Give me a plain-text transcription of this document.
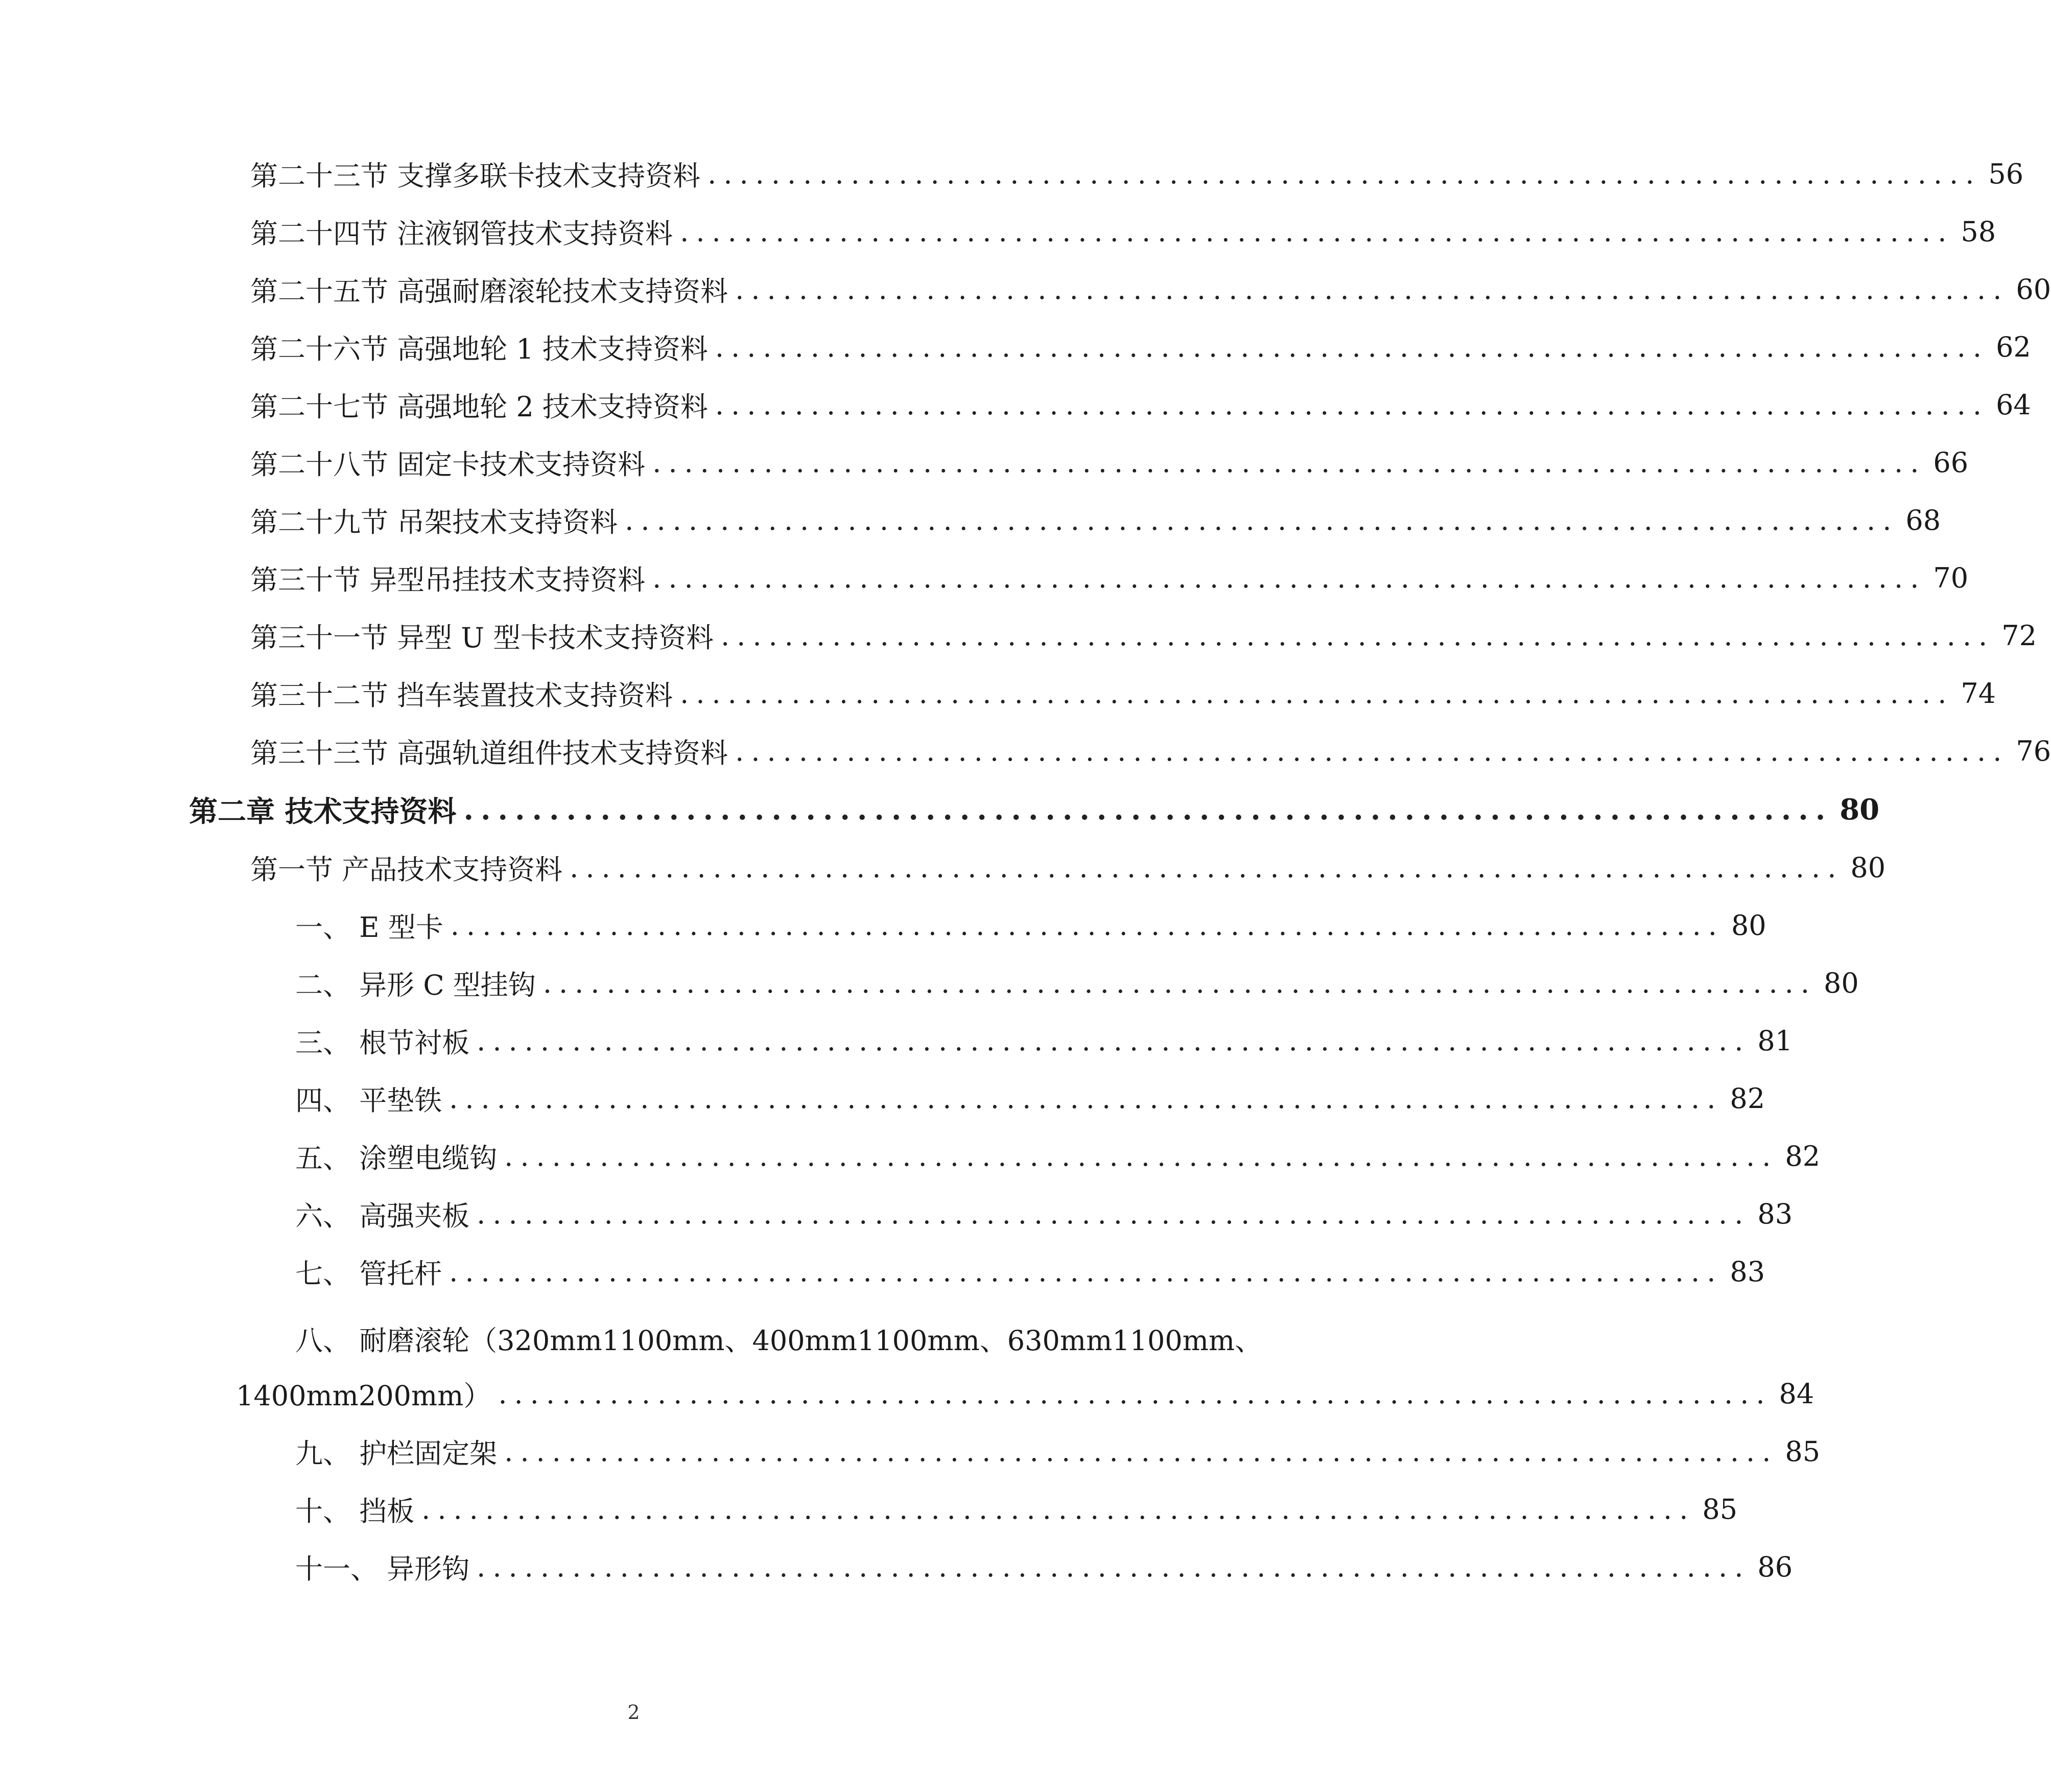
第二十三节 支撑多联卡技术支持资料 ................................................................................ 56
第二十四节 注液钢管技术支持资料 ................................................................................ 58
第二十五节 高强耐磨滚轮技术支持资料 ................................................................................ 60
第二十六节 高强地轮 1 技术支持资料 ................................................................................ 62
第二十七节 高强地轮 2 技术支持资料 ................................................................................ 64
第二十八节 固定卡技术支持资料 ................................................................................ 66
第二十九节 吊架技术支持资料 ................................................................................ 68
第三十节 异型吊挂技术支持资料 ................................................................................ 70
第三十一节 异型 U 型卡技术支持资料 ................................................................................ 72
第三十二节 挡车装置技术支持资料 ................................................................................ 74
第三十三节 高强轨道组件技术支持资料 ................................................................................ 76
第二章 技术支持资料 ................................................................................ 80
第一节 产品技术支持资料 ................................................................................ 80
一、 E 型卡 ................................................................................ 80
二、 异形 C 型挂钩 ................................................................................ 80
三、 根节衬板 ................................................................................ 81
四、 平垫铁 ................................................................................ 82
五、 涂塑电缆钩 ................................................................................ 82
六、 高强夹板 ................................................................................ 83
七、 管托杆 ................................................................................ 83
八、 耐磨滚轮（320mm1100mm、400mm1100mm、630mm1100mm、
1400mm200mm） ................................................................................ 84
九、 护栏固定架 ................................................................................ 85
十、 挡板 ................................................................................ 85
十一、 异形钩 ................................................................................ 86
2
